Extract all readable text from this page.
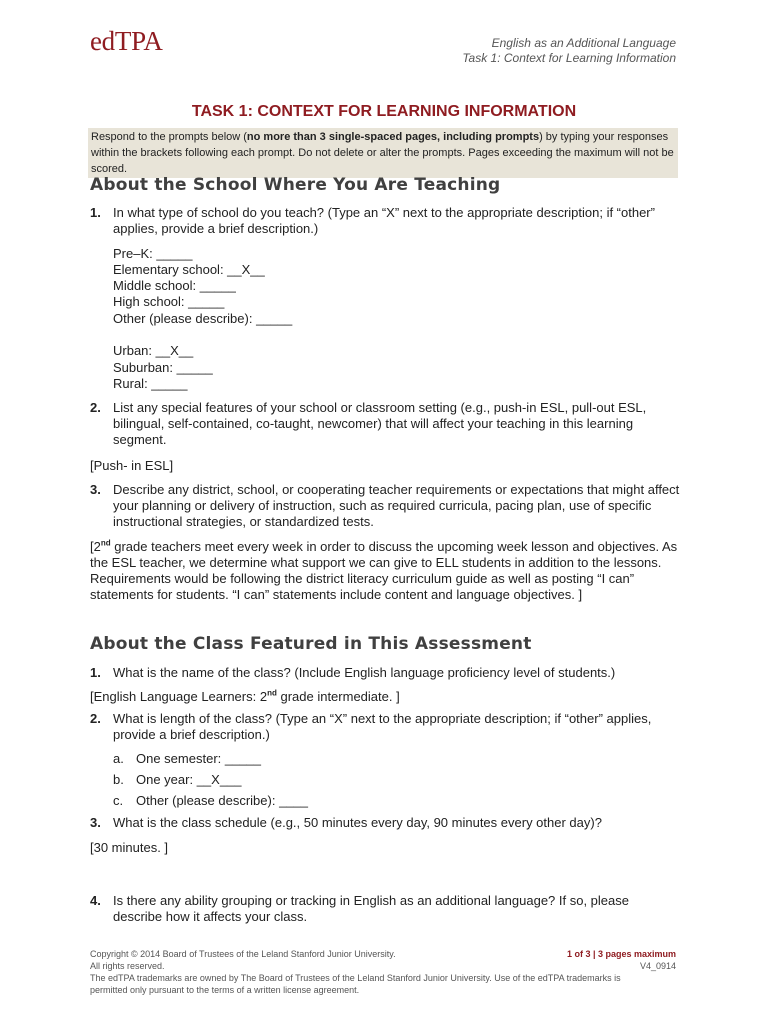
edTPA	English as an Additional Language
Task 1: Context for Learning Information
TASK 1: CONTEXT FOR LEARNING INFORMATION
Respond to the prompts below (no more than 3 single-spaced pages, including prompts) by typing your responses within the brackets following each prompt. Do not delete or alter the prompts. Pages exceeding the maximum will not be scored.
About the School Where You Are Teaching
1. In what type of school do you teach? (Type an “X” next to the appropriate description; if “other” applies, provide a brief description.)
Pre–K: _____
Elementary school: __X__
Middle school: _____
High school: _____
Other (please describe): _____
Urban: __X__
Suburban: _____
Rural: _____
2. List any special features of your school or classroom setting (e.g., push-in ESL, pull-out ESL, bilingual, self-contained, co-taught, newcomer) that will affect your teaching in this learning segment.
[Push- in ESL]
3. Describe any district, school, or cooperating teacher requirements or expectations that might affect your planning or delivery of instruction, such as required curricula, pacing plan, use of specific instructional strategies, or standardized tests.
[2nd grade teachers meet every week in order to discuss the upcoming week lesson and objectives. As the ESL teacher, we determine what support we can give to ELL students in addition to the lessons.
Requirements would be following the district literacy curriculum guide as well as posting “I can” statements for students. “I can” statements include content and language objectives. ]
About the Class Featured in This Assessment
1. What is the name of the class? (Include English language proficiency level of students.)
[English Language Learners: 2nd grade intermediate. ]
2. What is length of the class? (Type an “X” next to the appropriate description; if “other” applies, provide a brief description.)
a. One semester: _____
b. One year: __X___
c. Other (please describe): ____
3. What is the class schedule (e.g., 50 minutes every day, 90 minutes every other day)?
[30 minutes. ]
4. Is there any ability grouping or tracking in English as an additional language? If so, please describe how it affects your class.
Copyright © 2014 Board of Trustees of the Leland Stanford Junior University.
All rights reserved.
The edTPA trademarks are owned by The Board of Trustees of the Leland Stanford Junior University. Use of the edTPA trademarks is permitted only pursuant to the terms of a written license agreement.
1 of 3 | 3 pages maximum
V4_0914
